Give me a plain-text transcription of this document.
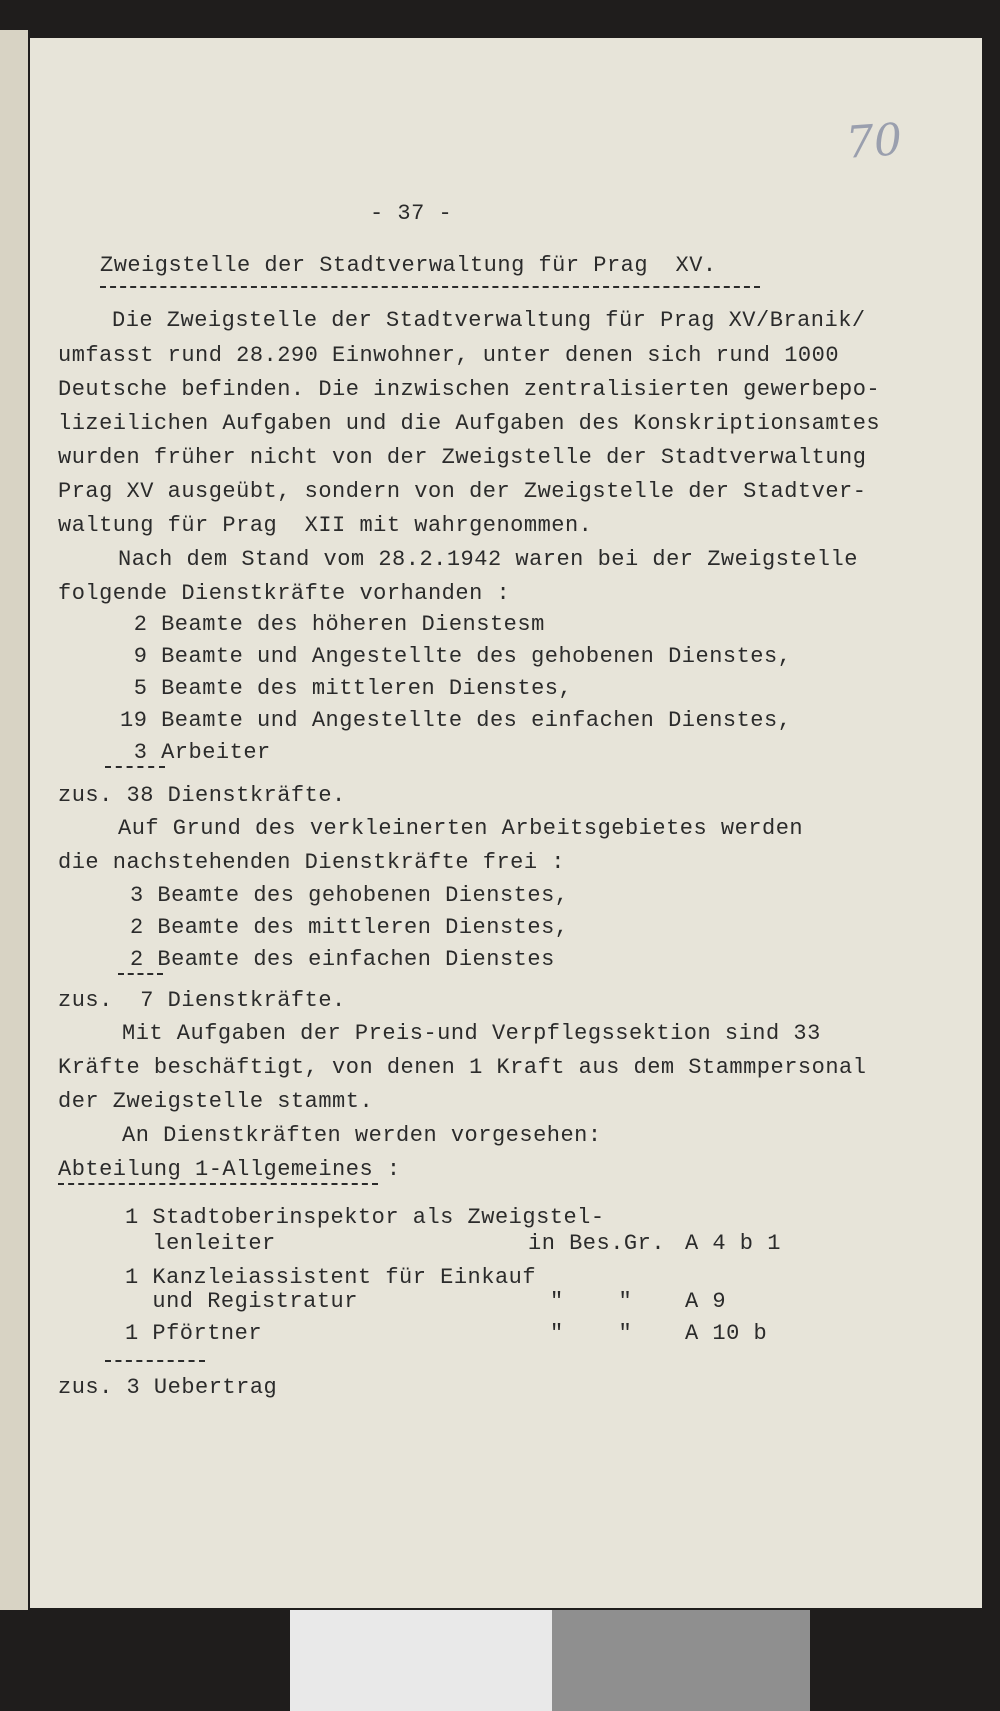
70
- 37 -
Zweigstelle der Stadtverwaltung für Prag  XV.
Die Zweigstelle der Stadtverwaltung für Prag XV/Branik/
umfasst rund 28.290 Einwohner, unter denen sich rund 1000
Deutsche befinden. Die inzwischen zentralisierten gewerbepo-
lizeilichen Aufgaben und die Aufgaben des Konskriptionsamtes
wurden früher nicht von der Zweigstelle der Stadtverwaltung
Prag XV ausgeübt, sondern von der Zweigstelle der Stadtver-
waltung für Prag  XII mit wahrgenommen.
Nach dem Stand vom 28.2.1942 waren bei der Zweigstelle
folgende Dienstkräfte vorhanden :
2 Beamte des höheren Dienstesm
9 Beamte und Angestellte des gehobenen Dienstes,
5 Beamte des mittleren Dienstes,
19 Beamte und Angestellte des einfachen Dienstes,
3 Arbeiter
zus. 38 Dienstkräfte.
Auf Grund des verkleinerten Arbeitsgebietes werden
die nachstehenden Dienstkräfte frei :
3 Beamte des gehobenen Dienstes,
2 Beamte des mittleren Dienstes,
2 Beamte des einfachen Dienstes
zus.  7 Dienstkräfte.
Mit Aufgaben der Preis-und Verpflegssektion sind 33
Kräfte beschäftigt, von denen 1 Kraft aus dem Stammpersonal
der Zweigstelle stammt.
An Dienstkräften werden vorgesehen:
Abteilung 1-Allgemeines :
1 Stadtoberinspektor als Zweigstel-
lenleiter	in Bes.Gr. A 4 b 1
1 Kanzleiassistent für Einkauf
und Registratur	"    " A 9
1 Pförtner	"    " A 10 b
zus. 3 Uebertrag
